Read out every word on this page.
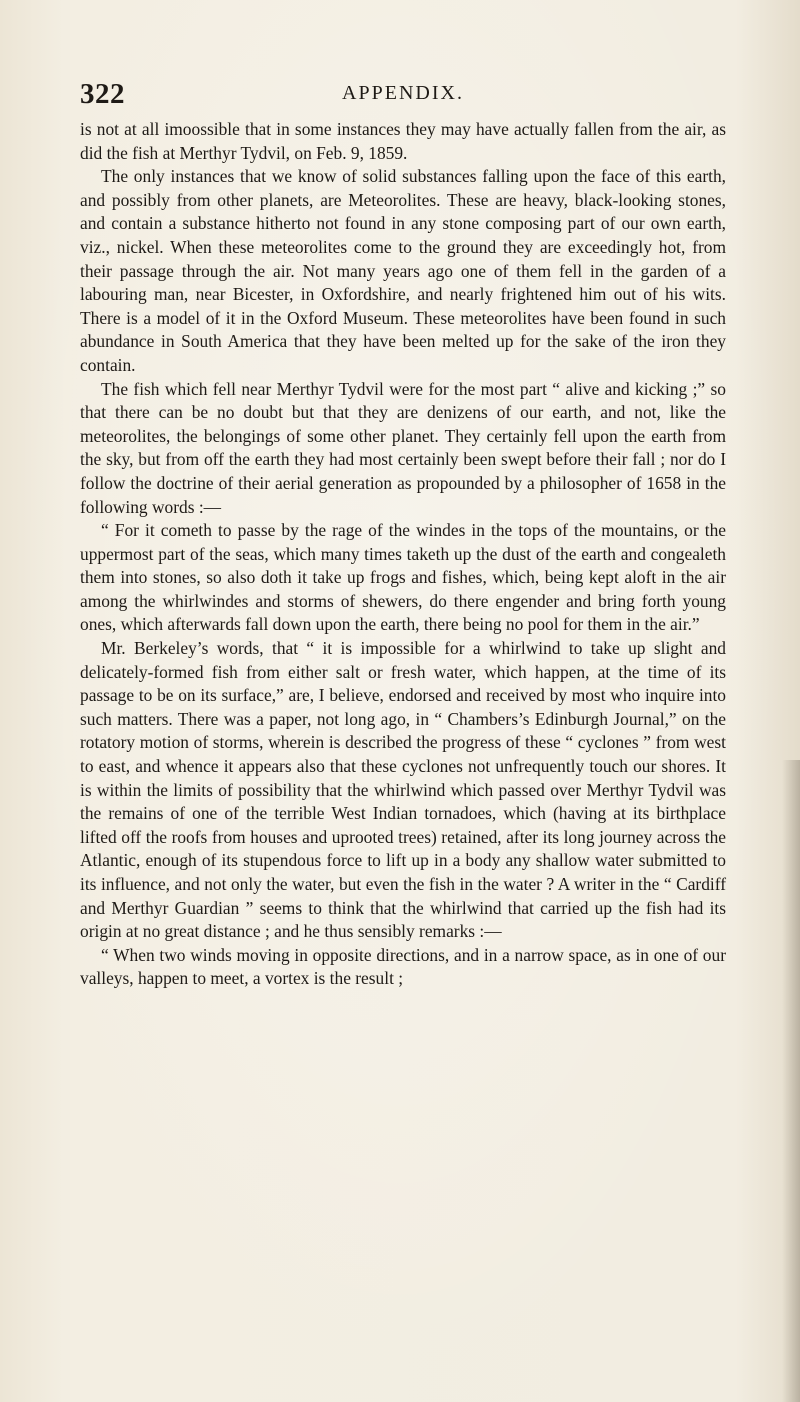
322	APPENDIX.

is not at all imoossible that in some instances they may have actually fallen from the air, as did the fish at Merthyr Tydvil, on Feb. 9, 1859.

The only instances that we know of solid substances falling upon the face of this earth, and possibly from other planets, are Meteorolites. These are heavy, black-looking stones, and contain a substance hitherto not found in any stone composing part of our own earth, viz., nickel. When these meteorolites come to the ground they are exceedingly hot, from their passage through the air. Not many years ago one of them fell in the garden of a labouring man, near Bicester, in Oxfordshire, and nearly frightened him out of his wits. There is a model of it in the Oxford Museum. These meteorolites have been found in such abundance in South America that they have been melted up for the sake of the iron they contain.

The fish which fell near Merthyr Tydvil were for the most part “ alive and kicking ;” so that there can be no doubt but that they are denizens of our earth, and not, like the meteorolites, the belongings of some other planet. They certainly fell upon the earth from the sky, but from off the earth they had most certainly been swept before their fall ; nor do I follow the doctrine of their aerial generation as propounded by a philosopher of 1658 in the following words :—

“ For it cometh to passe by the rage of the windes in the tops of the mountains, or the uppermost part of the seas, which many times taketh up the dust of the earth and congealeth them into stones, so also doth it take up frogs and fishes, which, being kept aloft in the air among the whirlwindes and storms of shewers, do there engender and bring forth young ones, which afterwards fall down upon the earth, there being no pool for them in the air.”

Mr. Berkeley’s words, that “ it is impossible for a whirlwind to take up slight and delicately-formed fish from either salt or fresh water, which happen, at the time of its passage to be on its surface,” are, I believe, endorsed and received by most who inquire into such matters. There was a paper, not long ago, in “ Chambers’s Edinburgh Journal,” on the rotatory motion of storms, wherein is described the progress of these “ cyclones ” from west to east, and whence it appears also that these cyclones not unfrequently touch our shores. It is within the limits of possibility that the whirlwind which passed over Merthyr Tydvil was the remains of one of the terrible West Indian tornadoes, which (having at its birthplace lifted off the roofs from houses and uprooted trees) retained, after its long journey across the Atlantic, enough of its stupendous force to lift up in a body any shallow water submitted to its influence, and not only the water, but even the fish in the water ? A writer in the “ Cardiff and Merthyr Guardian ” seems to think that the whirlwind that carried up the fish had its origin at no great distance ; and he thus sensibly remarks :—

“ When two winds moving in opposite directions, and in a narrow space, as in one of our valleys, happen to meet, a vortex is the result ;
